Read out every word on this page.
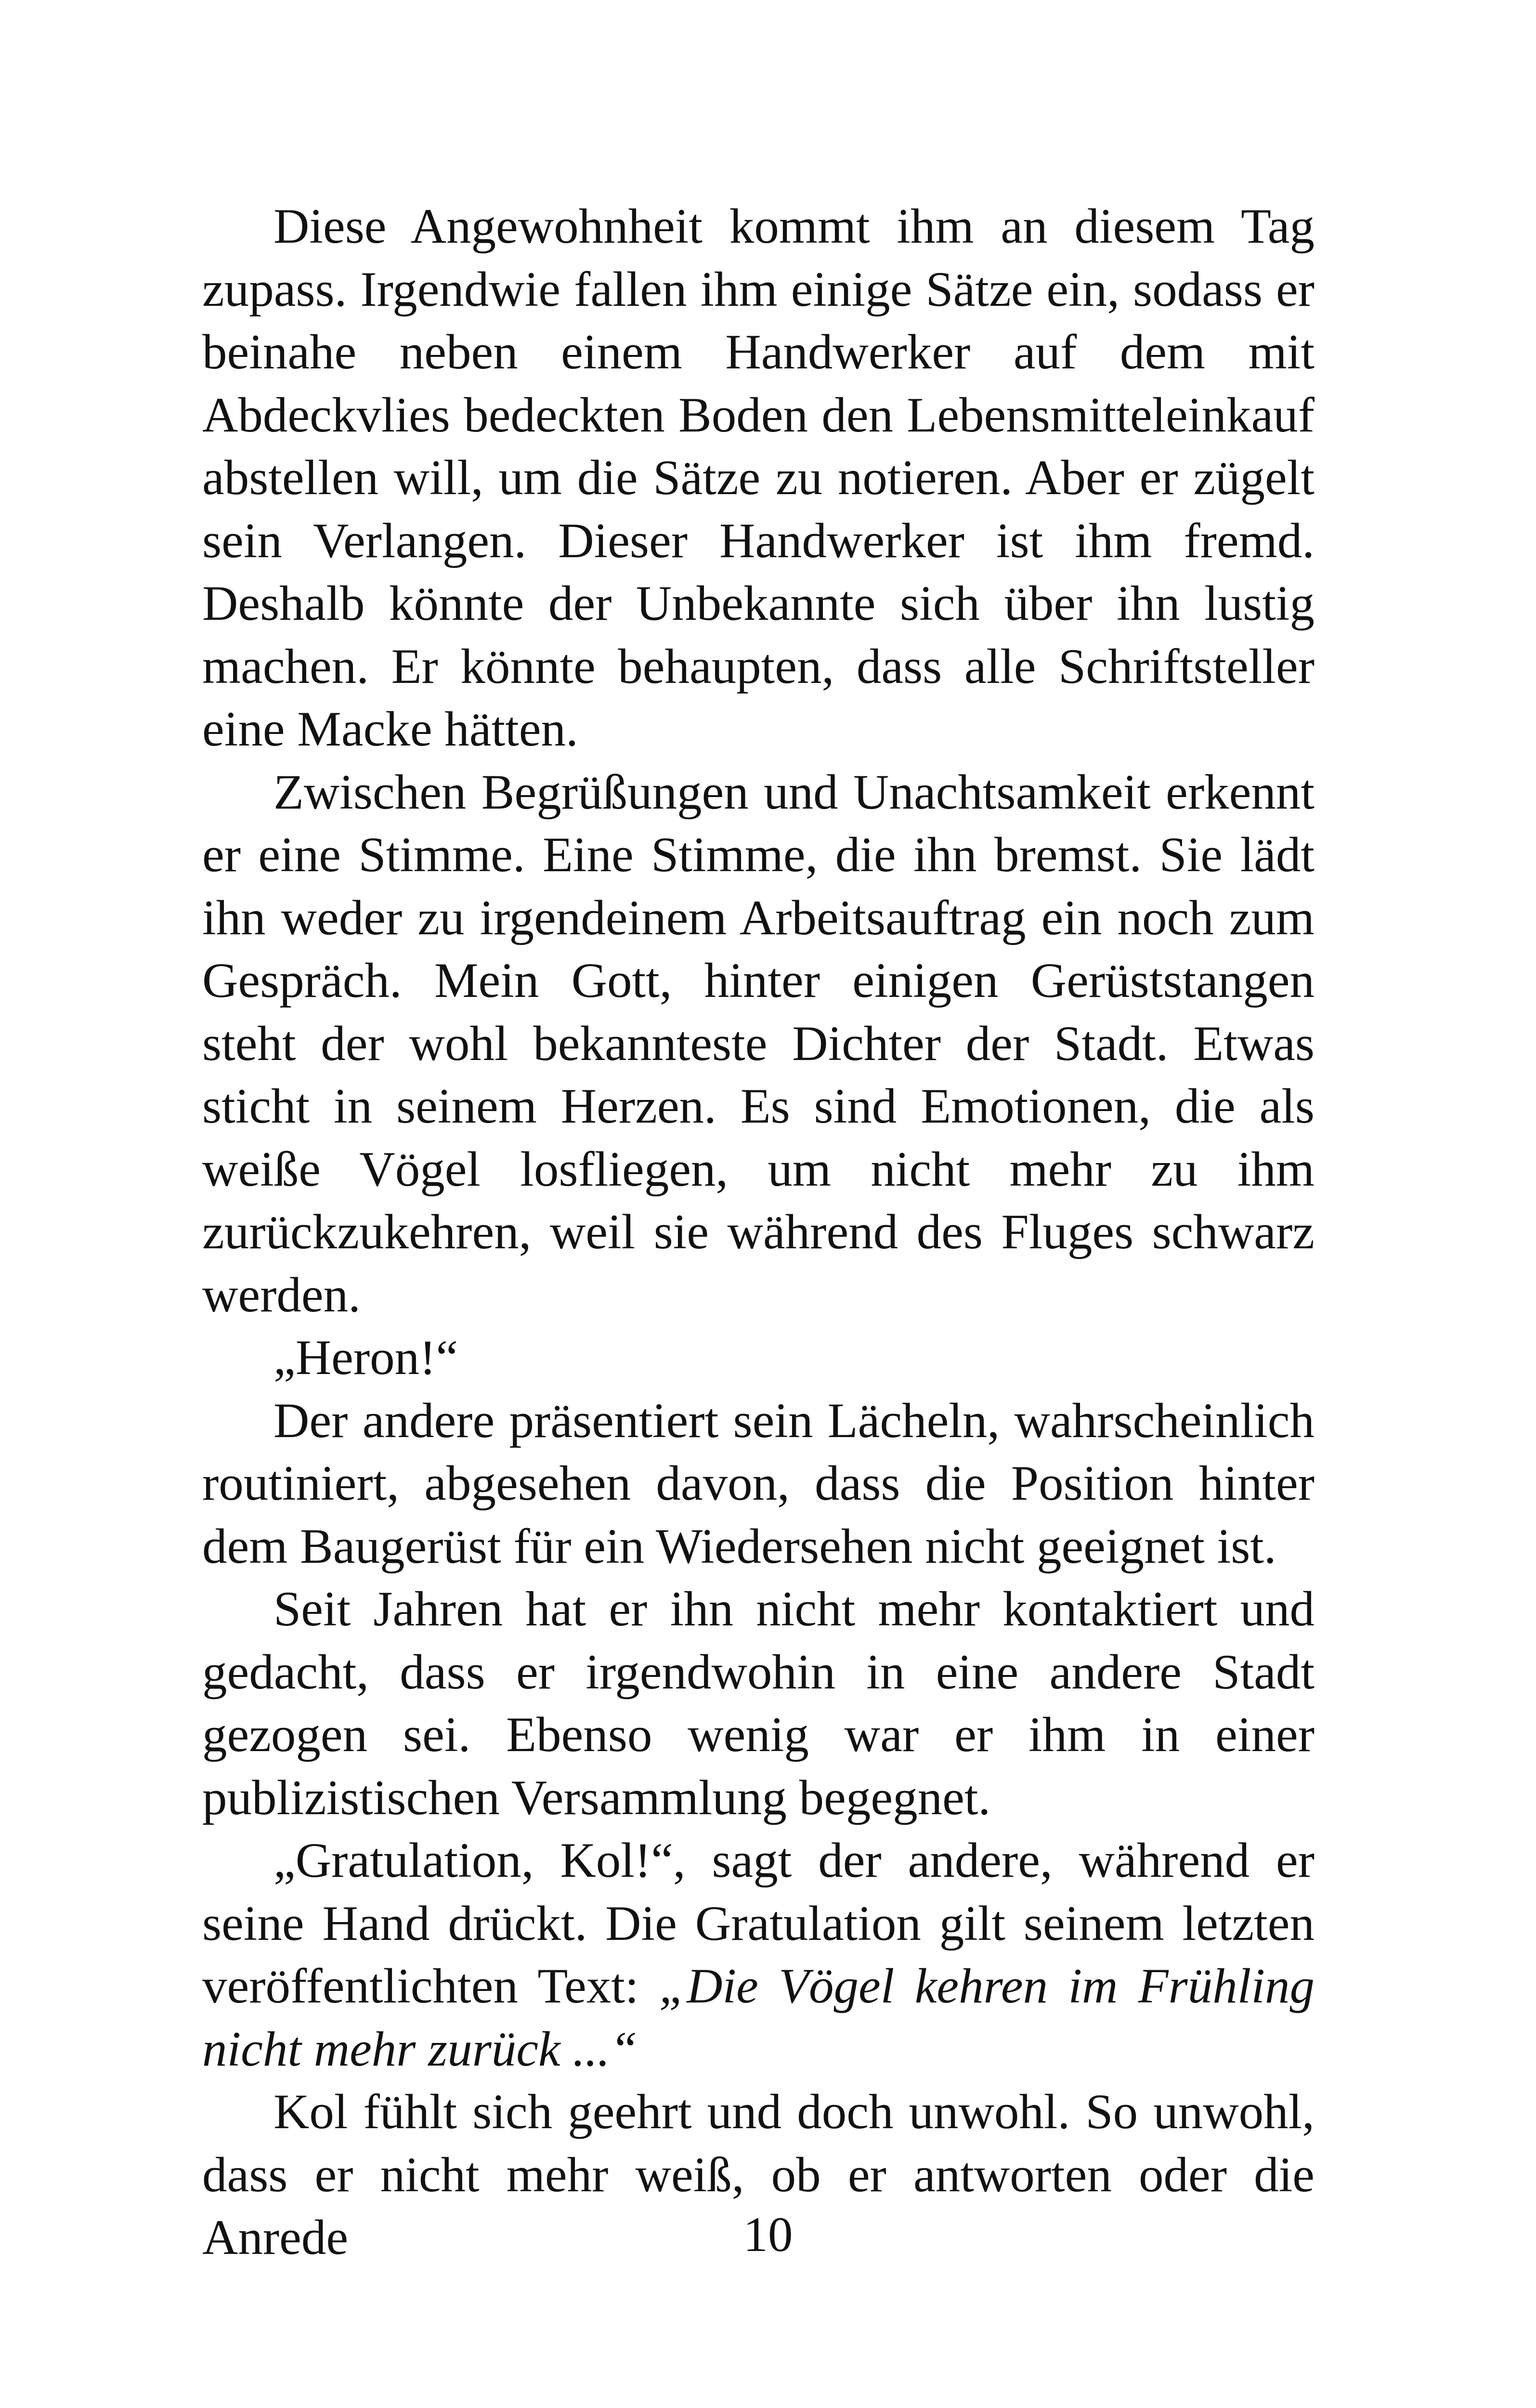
Diese Angewohnheit kommt ihm an diesem Tag zupass. Irgendwie fallen ihm einige Sätze ein, sodass er beinahe neben einem Handwerker auf dem mit Abdeckvlies bedeckten Boden den Lebensmitteleinkauf abstellen will, um die Sätze zu notieren. Aber er zügelt sein Verlangen. Dieser Handwerker ist ihm fremd. Deshalb könnte der Unbekannte sich über ihn lustig machen. Er könnte behaupten, dass alle Schriftsteller eine Macke hätten.

Zwischen Begrüßungen und Unachtsamkeit erkennt er eine Stimme. Eine Stimme, die ihn bremst. Sie lädt ihn weder zu irgendeinem Arbeitsauftrag ein noch zum Gespräch. Mein Gott, hinter einigen Gerüststangen steht der wohl bekannteste Dichter der Stadt. Etwas sticht in seinem Herzen. Es sind Emotionen, die als weiße Vögel losfliegen, um nicht mehr zu ihm zurückzukehren, weil sie während des Fluges schwarz werden.

„Heron!“

Der andere präsentiert sein Lächeln, wahrscheinlich routiniert, abgesehen davon, dass die Position hinter dem Baugerüst für ein Wiedersehen nicht geeignet ist.

Seit Jahren hat er ihn nicht mehr kontaktiert und gedacht, dass er irgendwohin in eine andere Stadt gezogen sei. Ebenso wenig war er ihm in einer publizistischen Versammlung begegnet.

„Gratulation, Kol!“, sagt der andere, während er seine Hand drückt. Die Gratulation gilt seinem letzten veröffentlichten Text: „Die Vögel kehren im Frühling nicht mehr zurück ...“

Kol fühlt sich geehrt und doch unwohl. So unwohl, dass er nicht mehr weiß, ob er antworten oder die Anrede	10
